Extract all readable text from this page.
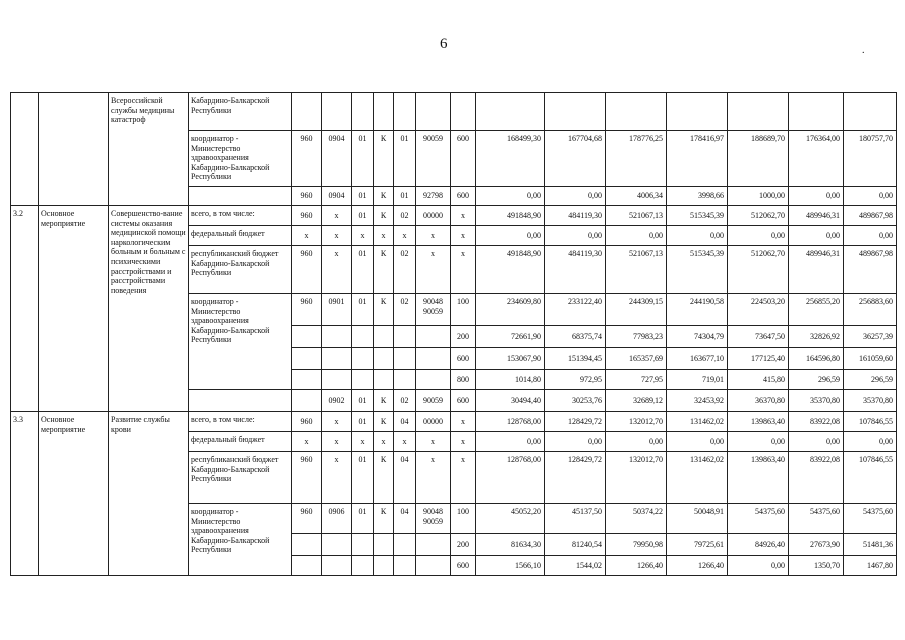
6	.
		Всероссийской службы медицины катастроф	Кабардино-Балкарской Республики														
			координатор - Министерство здравоохранения Кабардино-Балкарской Республики	960	0904	01	К	01	90059	600	168499,30	167704,68	178776,25	178416,97	188689,70	176364,00	180757,70
				960	0904	01	К	01	92798	600	0,00	0,00	4006,34	3998,66	1000,00	0,00	0,00
3.2	Основное мероприятие	Совершенство-вание системы оказания медицинской помощи наркологическим больным и больным с психическими расстройствами и расстройствами поведения	всего, в том числе:	960	х	01	К	02	00000	х	491848,90	484119,30	521067,13	515345,39	512062,70	489946,31	489867,98
			федеральный бюджет	х	х	х	х	х	х	х	0,00	0,00	0,00	0,00	0,00	0,00	0,00
			республиканский бюджет Кабардино-Балкарской Республики	960	х	01	К	02	х	х	491848,90	484119,30	521067,13	515345,39	512062,70	489946,31	489867,98
			координатор - Министерство здравоохранения Кабардино-Балкарской Республики	960	0901	01	К	02	90048 90059	100	234609,80	233122,40	244309,15	244190,58	224503,20	256855,20	256883,60
										200	72661,90	68375,74	77983,23	74304,79	73647,50	32826,92	36257,39
										600	153067,90	151394,45	165357,69	163677,10	177125,40	164596,80	161059,60
										800	1014,80	972,95	727,95	719,01	415,80	296,59	296,59
					0902	01	К	02	90059	600	30494,40	30253,76	32689,12	32453,92	36370,80	35370,80	35370,80
3.3	Основное мероприятие	Развитие службы крови	всего, в том числе:	960	х	01	К	04	00000	х	128768,00	128429,72	132012,70	131462,02	139863,40	83922,08	107846,55
			федеральный бюджет	х	х	х	х	х	х	х	0,00	0,00	0,00	0,00	0,00	0,00	0,00
			республиканский бюджет Кабардино-Балкарской Республики	960	х	01	К	04	х	х	128768,00	128429,72	132012,70	131462,02	139863,40	83922,08	107846,55
			координатор - Министерство здравоохранения Кабардино-Балкарской Республики	960	0906	01	К	04	90048 90059	100	45052,20	45137,50	50374,22	50048,91	54375,60	54375,60	54375,60
										200	81634,30	81240,54	79950,98	79725,61	84926,40	27673,90	51481,36
										600	1566,10	1544,02	1266,40	1266,40	0,00	1350,70	1467,80
